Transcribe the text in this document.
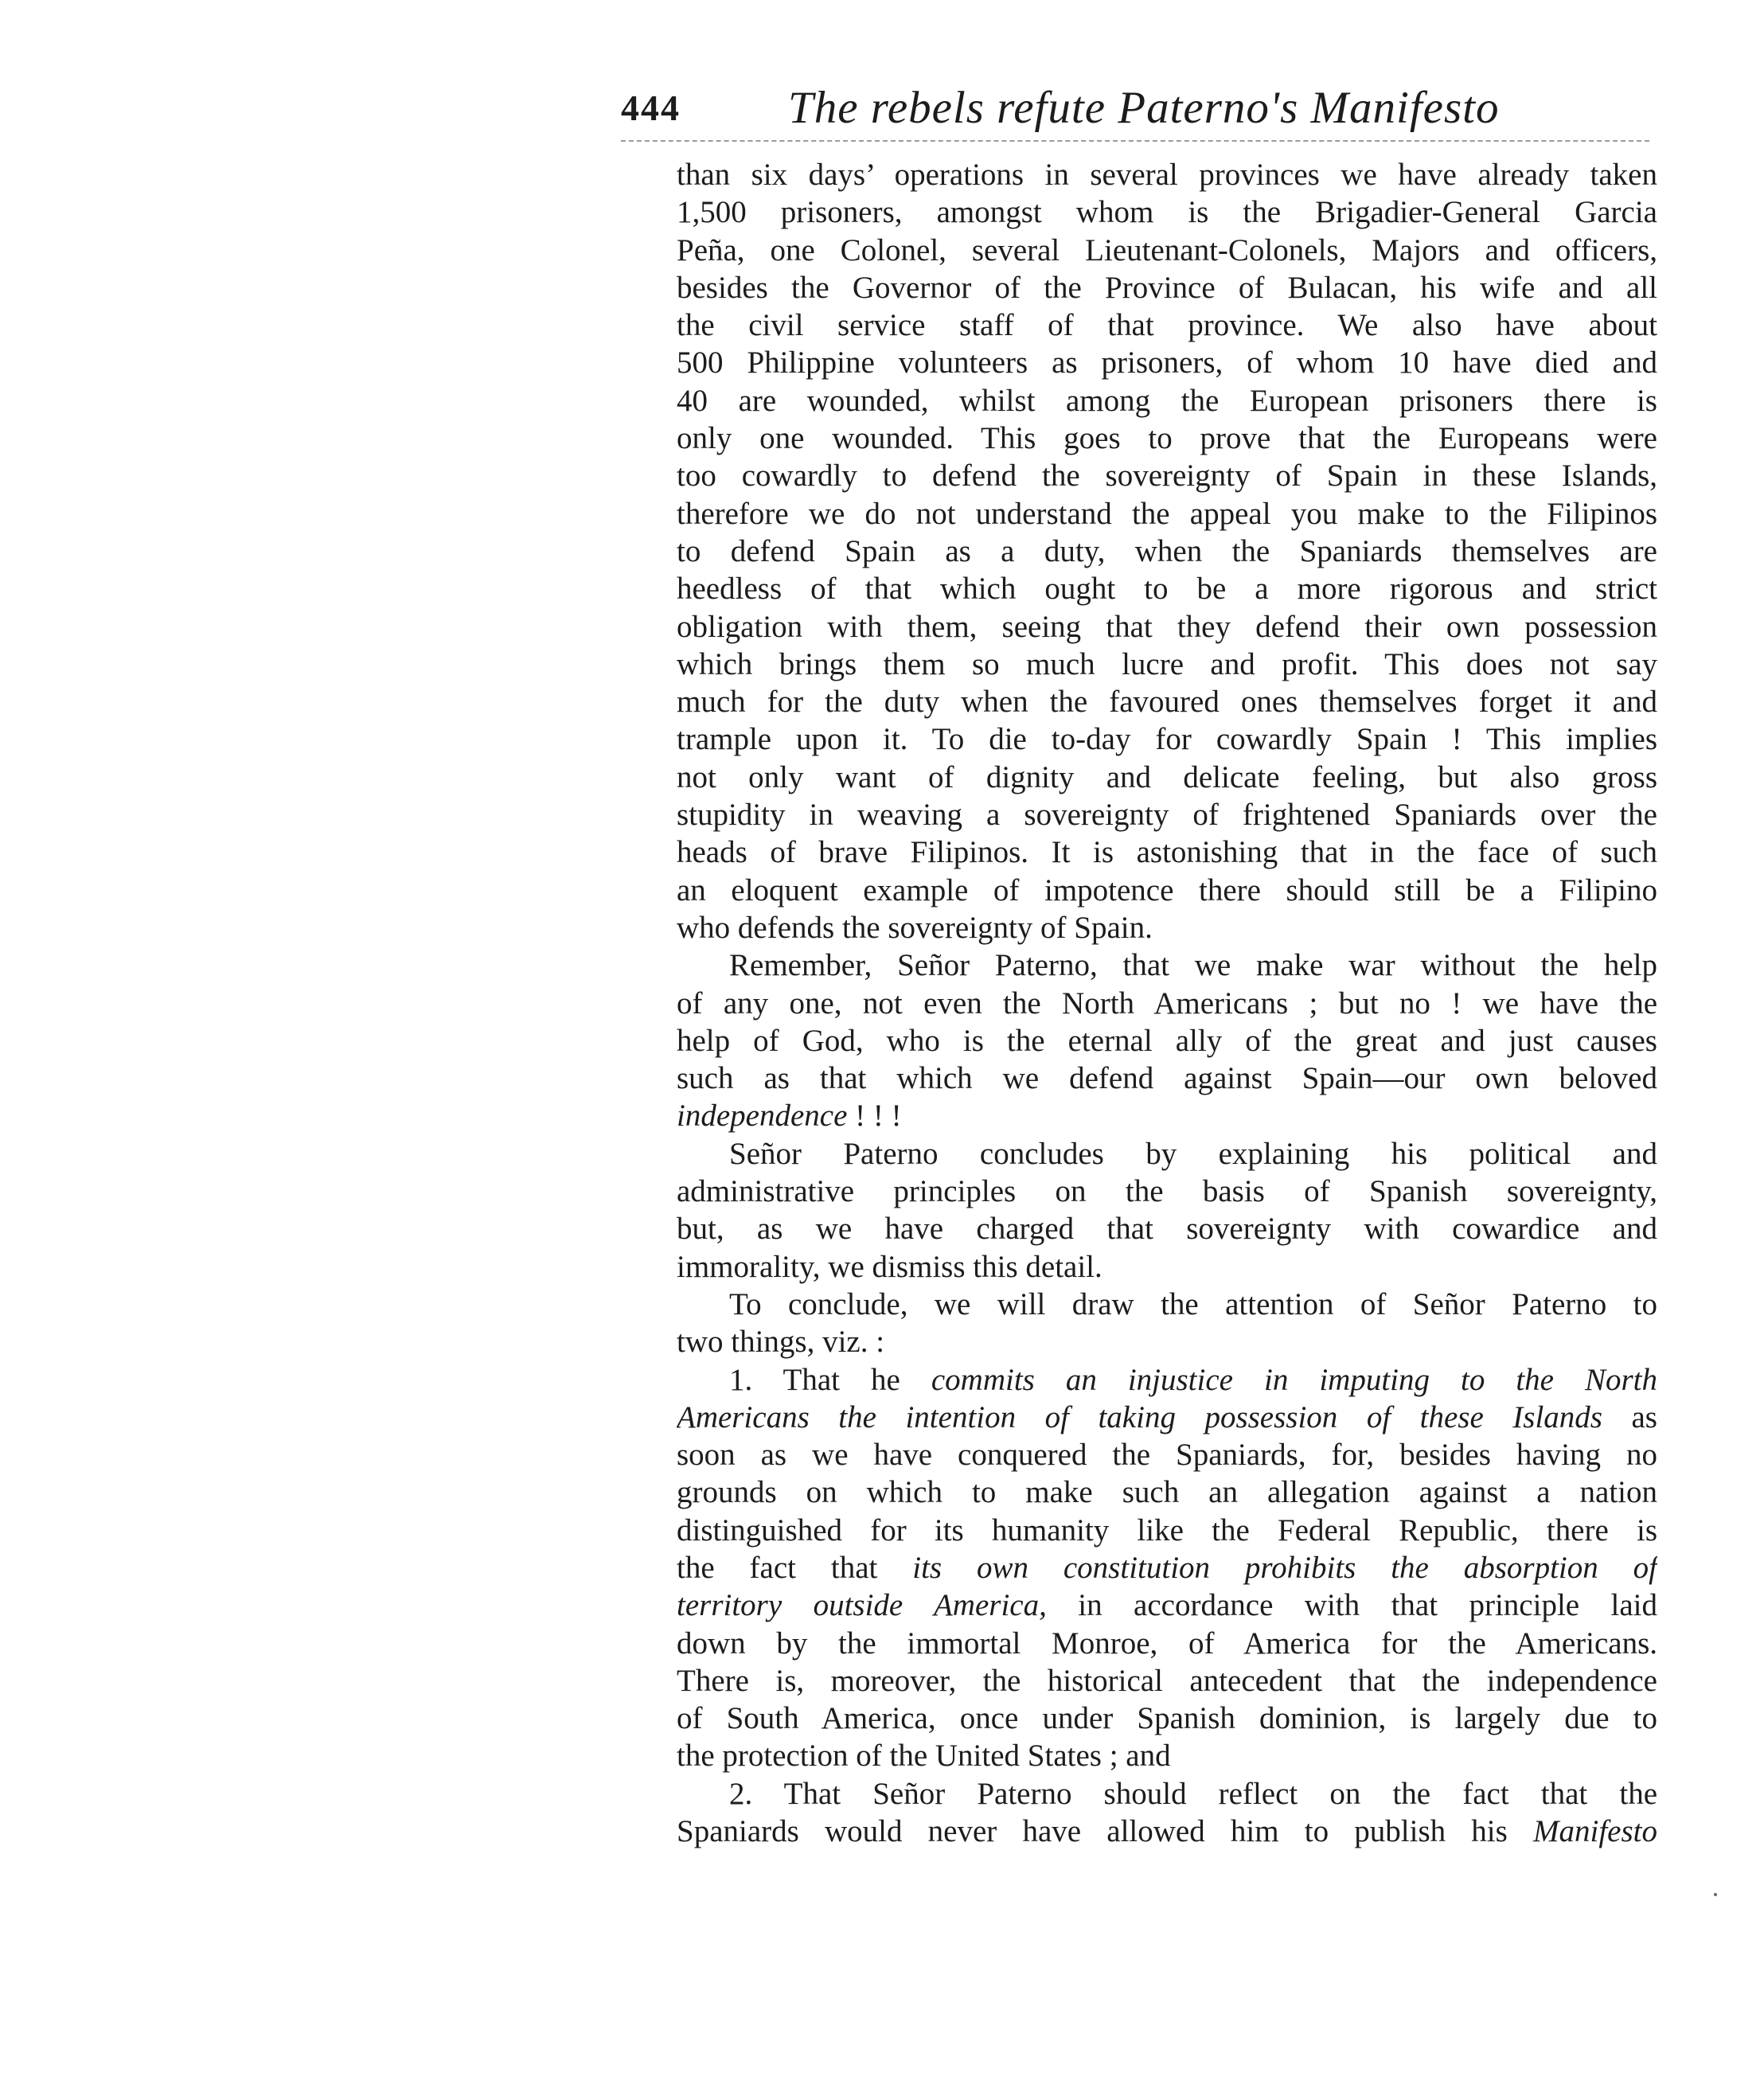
444 The rebels refute Paterno's Manifesto
than six days’ operations in several provinces we have already taken
1,500 prisoners, amongst whom is the Brigadier-General Garcia
Peña, one Colonel, several Lieutenant-Colonels, Majors and officers,
besides the Governor of the Province of Bulacan, his wife and all
the civil service staff of that province. We also have about
500 Philippine volunteers as prisoners, of whom 10 have died and
40 are wounded, whilst among the European prisoners there is
only one wounded. This goes to prove that the Europeans were
too cowardly to defend the sovereignty of Spain in these Islands,
therefore we do not understand the appeal you make to the Filipinos
to defend Spain as a duty, when the Spaniards themselves are
heedless of that which ought to be a more rigorous and strict
obligation with them, seeing that they defend their own possession
which brings them so much lucre and profit. This does not say
much for the duty when the favoured ones themselves forget it and
trample upon it. To die to-day for cowardly Spain ! This implies
not only want of dignity and delicate feeling, but also gross
stupidity in weaving a sovereignty of frightened Spaniards over the
heads of brave Filipinos. It is astonishing that in the face of such
an eloquent example of impotence there should still be a Filipino
who defends the sovereignty of Spain.
Remember, Señor Paterno, that we make war without the help
of any one, not even the North Americans ; but no ! we have the
help of God, who is the eternal ally of the great and just causes
such as that which we defend against Spain—our own beloved
independence ! ! !
Señor Paterno concludes by explaining his political and
administrative principles on the basis of Spanish sovereignty,
but, as we have charged that sovereignty with cowardice and
immorality, we dismiss this detail.
To conclude, we will draw the attention of Señor Paterno to
two things, viz. :
1. That he commits an injustice in imputing to the North
Americans the intention of taking possession of these Islands as
soon as we have conquered the Spaniards, for, besides having no
grounds on which to make such an allegation against a nation
distinguished for its humanity like the Federal Republic, there is
the fact that its own constitution prohibits the absorption of
territory outside America, in accordance with that principle laid
down by the immortal Monroe, of America for the Americans.
There is, moreover, the historical antecedent that the independence
of South America, once under Spanish dominion, is largely due to
the protection of the United States ; and
2. That Señor Paterno should reflect on the fact that the
Spaniards would never have allowed him to publish his Manifesto
